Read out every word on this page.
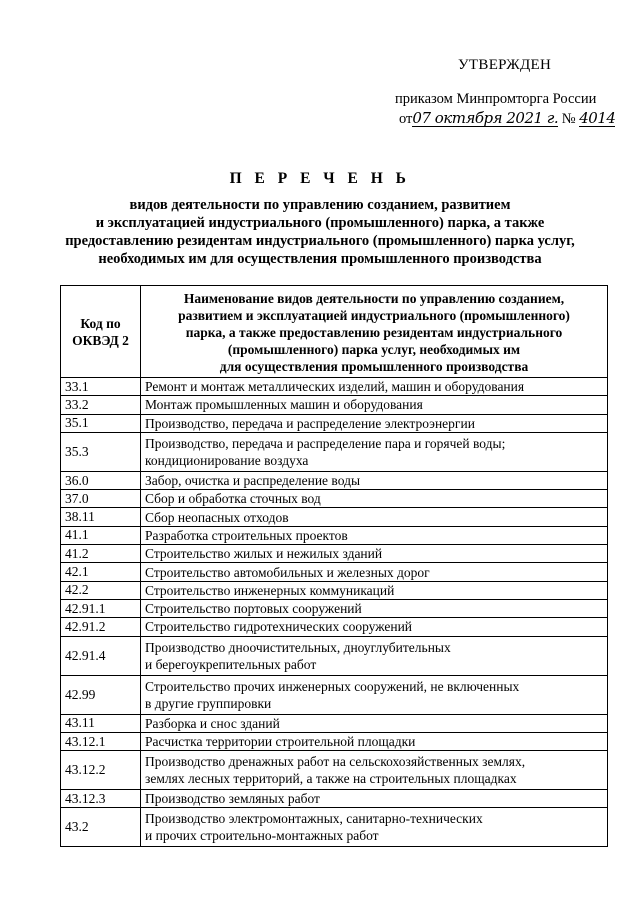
УТВЕРЖДЕН
приказом Минпромторга России
от07 октября 2021 г. № 4014
П Е Р Е Ч Е Н Ь
видов деятельности по управлению созданием, развитием
и эксплуатацией индустриального (промышленного) парка, а также
предоставлению резидентам индустриального (промышленного) парка услуг,
необходимых им для осуществления промышленного производства
Код по
ОКВЭД 2	Наименование видов деятельности по управлению созданием,
развитием и эксплуатацией индустриального (промышленного)
парка, а также предоставлению резидентам индустриального
(промышленного) парка услуг, необходимых им
для осуществления промышленного производства
33.1	Ремонт и монтаж металлических изделий, машин и оборудования

33.2	Монтаж промышленных машин и оборудования

35.1	Производство, передача и распределение электроэнергии

35.3	Производство, передача и распределение пара и горячей воды;
кондиционирование воздуха

36.0	Забор, очистка и распределение воды

37.0	Сбор и обработка сточных вод

38.11	Сбор неопасных отходов

41.1	Разработка строительных проектов

41.2	Строительство жилых и нежилых зданий

42.1	Строительство автомобильных и железных дорог

42.2	Строительство инженерных коммуникаций

42.91.1	Строительство портовых сооружений

42.91.2	Строительство гидротехнических сооружений

42.91.4	Производство дноочистительных, дноуглубительных
и берегоукрепительных работ

42.99	Строительство прочих инженерных сооружений, не включенных
в другие группировки

43.11	Разборка и снос зданий

43.12.1	Расчистка территории строительной площадки

43.12.2	Производство дренажных работ на сельскохозяйственных землях,
землях лесных территорий, а также на строительных площадках

43.12.3	Производство земляных работ

43.2	Производство электромонтажных, санитарно-технических
и прочих строительно-монтажных работ
